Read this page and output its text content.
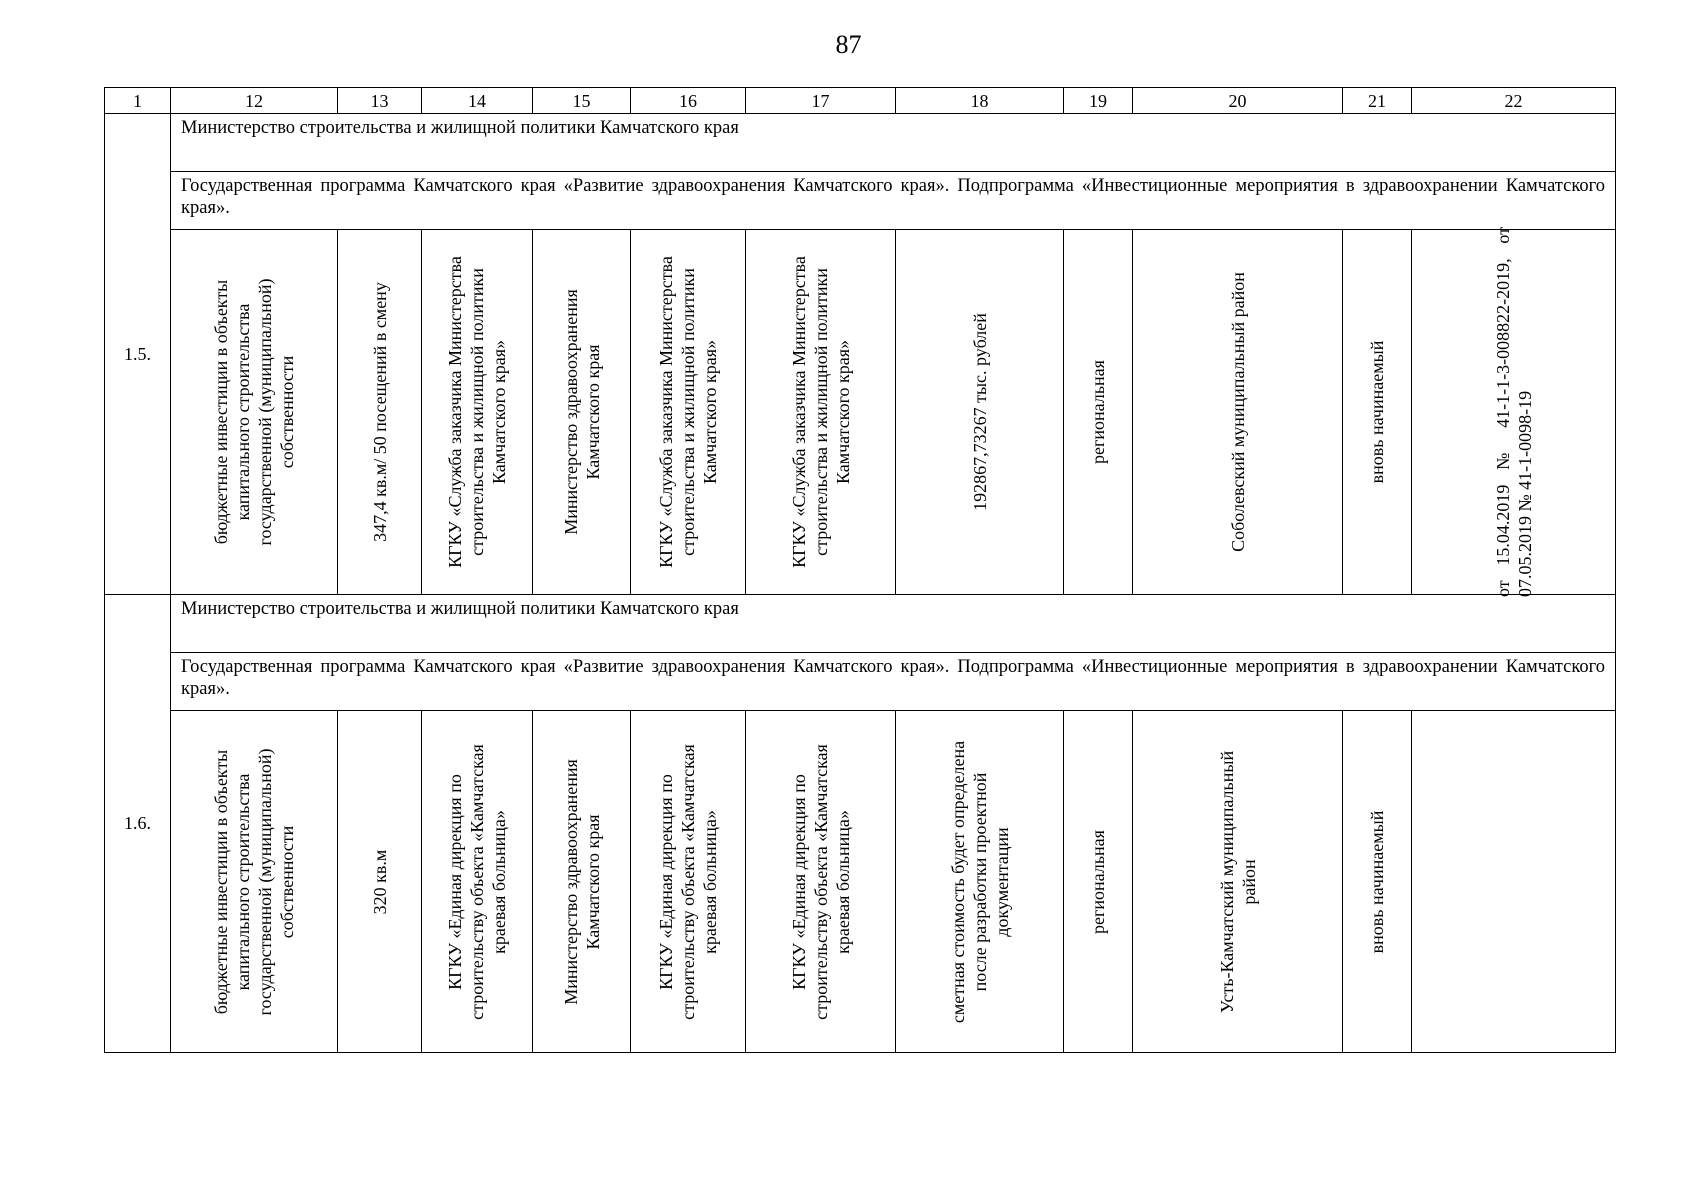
87
1	12	13	14	15	16	17	18	19	20	21	22
1.5.	Министерство строительства и жилищной политики Камчатского края										

	Государственная программа Камчатского края «Развитие здравоохранения Камчатского края». Подпрограмма «Инвестиционные мероприятия в здравоохранении Камчатского края».										

	бюджетные инвестиции в объекты капитального строительства государственной (муниципальной) собственности	347,4 кв.м/ 50 посещений в смену	КГКУ «Служба заказчика Министерства строительства и жилищной политики Камчатского края»	Министерство здравоохранения Камчатского края	КГКУ «Служба заказчика Министерства строительства и жилищной политики Камчатского края»	КГКУ «Служба заказчика Министерства строительства и жилищной политики Камчатского края»	192867,73267 тыс. рублей	региональная	Соболевский муниципальный район	вновь начинаемый	от 15.04.2019 № 41-1-1-3-008822-2019, от 07.05.2019 № 41-1-0098-19

1.6.	Министерство строительства и жилищной политики Камчатского края										

	Государственная программа Камчатского края «Развитие здравоохранения Камчатского края». Подпрограмма «Инвестиционные мероприятия в здравоохранении Камчатского края».										

	бюджетные инвестиции в объекты капитального строительства государственной (муниципальной) собственности	320 кв.м	КГКУ «Единая дирекция по строительству объекта «Камчатская краевая больница»	Министерство здравоохранения Камчатского края	КГКУ «Единая дирекция по строительству объекта «Камчатская краевая больница»	КГКУ «Единая дирекция по строительству объекта «Камчатская краевая больница»	сметная стоимость будет определена после разработки проектной документации	региональная	Усть-Камчатский муниципальный район	вновь начинаемый	
